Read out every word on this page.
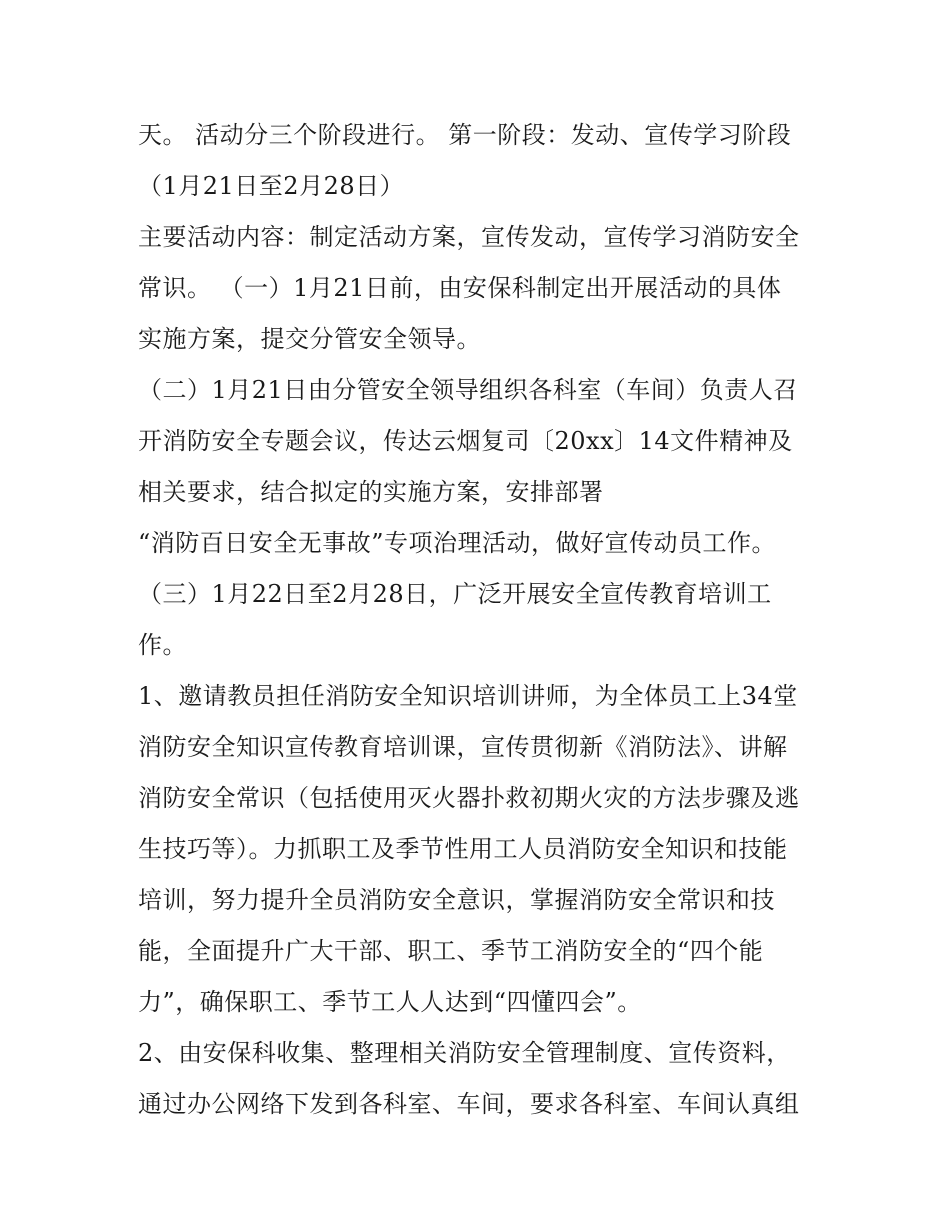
天。 活动分三个阶段进行。 第一阶段：发动、宣传学习阶段
（1月21日至2月28日）
主要活动内容：制定活动方案，宣传发动，宣传学习消防安全
常识。 （一）1月21日前，由安保科制定出开展活动的具体
实施方案，提交分管安全领导。
（二）1月21日由分管安全领导组织各科室（车间）负责人召
开消防安全专题会议，传达云烟复司〔20xx〕14文件精神及
相关要求，结合拟定的实施方案，安排部署
“消防百日安全无事故”专项治理活动，做好宣传动员工作。
（三）1月22日至2月28日，广泛开展安全宣传教育培训工
作。
1、邀请教员担任消防安全知识培训讲师，为全体员工上34堂
消防安全知识宣传教育培训课，宣传贯彻新《消防法》、讲解
消防安全常识（包括使用灭火器扑救初期火灾的方法步骤及逃
生技巧等）。力抓职工及季节性用工人员消防安全知识和技能
培训，努力提升全员消防安全意识，掌握消防安全常识和技
能，全面提升广大干部、职工、季节工消防安全的“四个能
力”，确保职工、季节工人人达到“四懂四会”。
2、由安保科收集、整理相关消防安全管理制度、宣传资料，
通过办公网络下发到各科室、车间，要求各科室、车间认真组
